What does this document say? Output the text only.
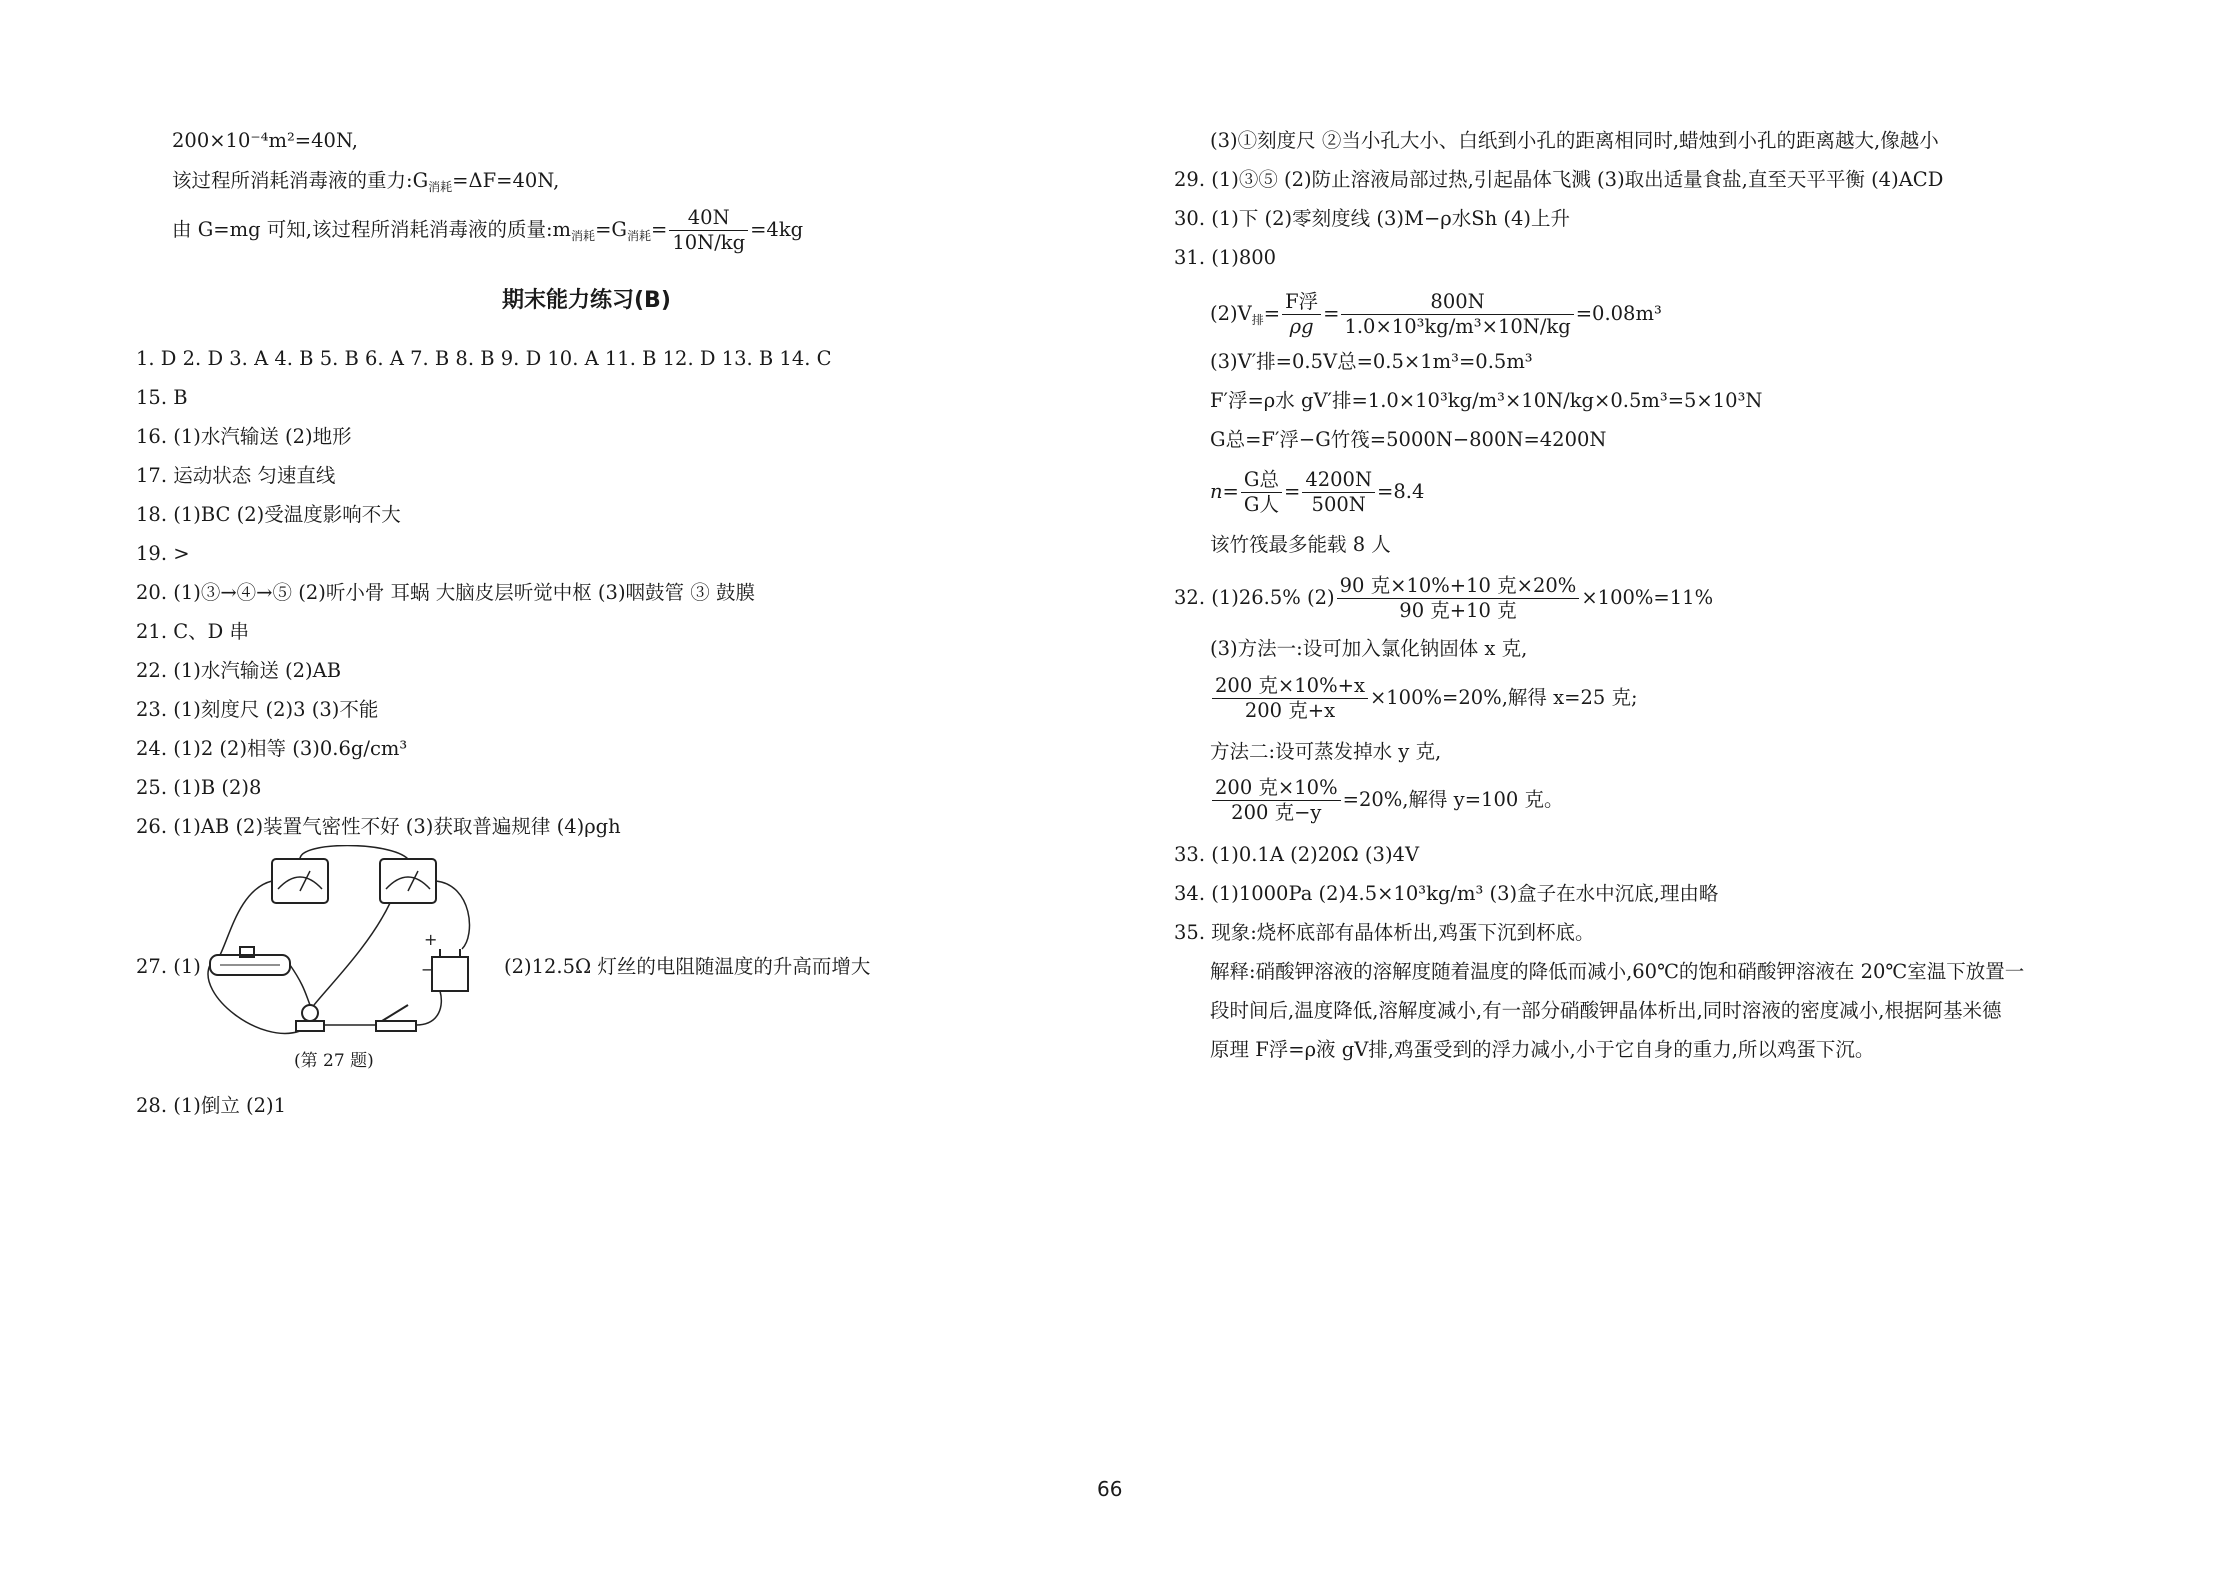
200×10⁻⁴m²=40N,
该过程所消耗消毒液的重力$:G_{消耗}=\Delta F=40N$,
由 G=mg 可知,该过程所消耗消毒液的质量$:m_{消耗}=G_{消耗}= \frac{40N}{10N/kg} =4kg$
期末能力练习(B)
1. D 2. D 3. A 4. B 5. B 6. A 7. B 8. B 9. D 10. A 11. B 12. D 13. B 14. C
15. B
16. (1)水汽输送 (2)地形
17. 运动状态 匀速直线
18. (1)BC (2)受温度影响不大
19. >
20. (1)③→④→⑤ (2)听小骨 耳蜗 大脑皮层听觉中枢 (3)咽鼓管 ③ 鼓膜
21. C、D 串
22. (1)水汽输送 (2)AB
23. (1)刻度尺 (2)3 (3)不能
24. (1)2 (2)相等 (3)0.6g/cm³
25. (1)B (2)8
26. (1)AB (2)装置气密性不好 (3)获取普遍规律 (4)ρgh
27. (1)
+
−	(2)12.5Ω 灯丝的电阻随温度的升高而增大
(第 27 题)
28. (1)倒立 (2)1
(3)①刻度尺 ②当小孔大小、白纸到小孔的距离相同时,蜡烛到小孔的距离越大,像越小
29. (1)③⑤ (2)防止溶液局部过热,引起晶体飞溅 (3)取出适量食盐,直至天平平衡 (4)ACD
30. (1)下 (2)零刻度线 (3)M−ρ水Sh (4)上升
31. (1)800
$(2)V_排= \frac{\text{F浮}}{\rho g} = \frac{800N}{\text{1.0×10³kg/m³×10N/kg}} =0.08m^3$
(3)V′排=0.5V总=0.5×1m³=0.5m³
F′浮=ρ水 gV′排=1.0×10³kg/m³×10N/kg×0.5m³=5×10³N
G总=F′浮−G竹筏=5000N−800N=4200N
$n= \frac{\text{G总}}{\text{G人}} = \frac{4200N}{500N} =8.4$
该竹筏最多能载 8 人
32. (1)26.5% $(2) \frac{\text{90 克×10\%+10 克×20\%}}{\text{90 克+10 克}} \times 100\%=11\%$
(3)方法一:设可加入氯化钠固体 x 克,
$\frac{\text{200 克×10\%+x}}{\text{200 克+x}} \times 100\%=20\%$,解得 x=25 克;
方法二:设可蒸发掉水 y 克,
$\frac{\text{200 克×10\%}}{\text{200 克−y}} =20\%$,解得 y=100 克。
33. (1)0.1A (2)20Ω (3)4V
34. (1)1000Pa (2)4.5×10³kg/m³ (3)盒子在水中沉底,理由略
35. 现象:烧杯底部有晶体析出,鸡蛋下沉到杯底。
解释:硝酸钾溶液的溶解度随着温度的降低而减小,60℃的饱和硝酸钾溶液在 20℃室温下放置一
段时间后,温度降低,溶解度减小,有一部分硝酸钾晶体析出,同时溶液的密度减小,根据阿基米德
原理 F浮=ρ液 gV排,鸡蛋受到的浮力减小,小于它自身的重力,所以鸡蛋下沉。
66
